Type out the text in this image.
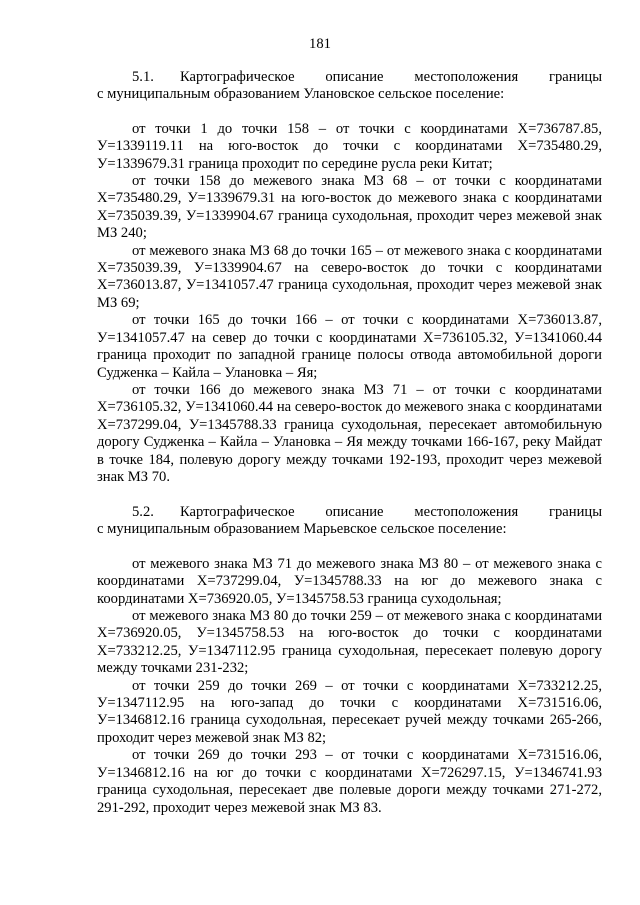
181
5.1. Картографическое описание местоположения границы
с муниципальным образованием Улановское сельское поселение:

от точки 1 до точки 158 – от точки с координатами Х=736787.85, У=1339119.11 на юго-восток до точки с координатами Х=735480.29, У=1339679.31 граница проходит по середине русла реки Китат;

от точки 158 до межевого знака МЗ 68 – от точки с координатами Х=735480.29, У=1339679.31 на юго-восток до межевого знака с координатами Х=735039.39, У=1339904.67 граница суходольная, проходит через межевой знак МЗ 240;

от межевого знака МЗ 68 до точки 165 – от межевого знака с координатами Х=735039.39, У=1339904.67 на северо-восток до точки с координатами Х=736013.87, У=1341057.47 граница суходольная, проходит через межевой знак МЗ 69;

от точки 165 до точки 166 – от точки с координатами Х=736013.87, У=1341057.47 на север до точки с координатами Х=736105.32, У=1341060.44 граница проходит по западной границе полосы отвода автомобильной дороги Судженка – Кайла – Улановка – Яя;

от точки 166 до межевого знака МЗ 71 – от точки с координатами Х=736105.32, У=1341060.44 на северо-восток до межевого знака с координатами Х=737299.04, У=1345788.33 граница суходольная, пересекает автомобильную дорогу Судженка – Кайла – Улановка – Яя между точками 166-167, реку Майдат в точке 184, полевую дорогу между точками 192-193, проходит через межевой знак МЗ 70.

5.2. Картографическое описание местоположения границы
с муниципальным образованием Марьевское сельское поселение:

от межевого знака МЗ 71 до межевого знака МЗ 80 – от межевого знака с координатами Х=737299.04, У=1345788.33 на юг до межевого знака с координатами Х=736920.05, У=1345758.53 граница суходольная;

от межевого знака МЗ 80 до точки 259 – от межевого знака с координатами Х=736920.05, У=1345758.53 на юго-восток до точки с координатами Х=733212.25, У=1347112.95 граница суходольная, пересекает полевую дорогу между точками 231-232;

от точки 259 до точки 269 – от точки с координатами Х=733212.25, У=1347112.95 на юго-запад до точки с координатами Х=731516.06, У=1346812.16 граница суходольная, пересекает ручей между точками 265-266, проходит через межевой знак МЗ 82;

от точки 269 до точки 293 – от точки с координатами Х=731516.06, У=1346812.16 на юг до точки с координатами Х=726297.15, У=1346741.93 граница суходольная, пересекает две полевые дороги между точками 271-272, 291-292, проходит через межевой знак МЗ 83.
